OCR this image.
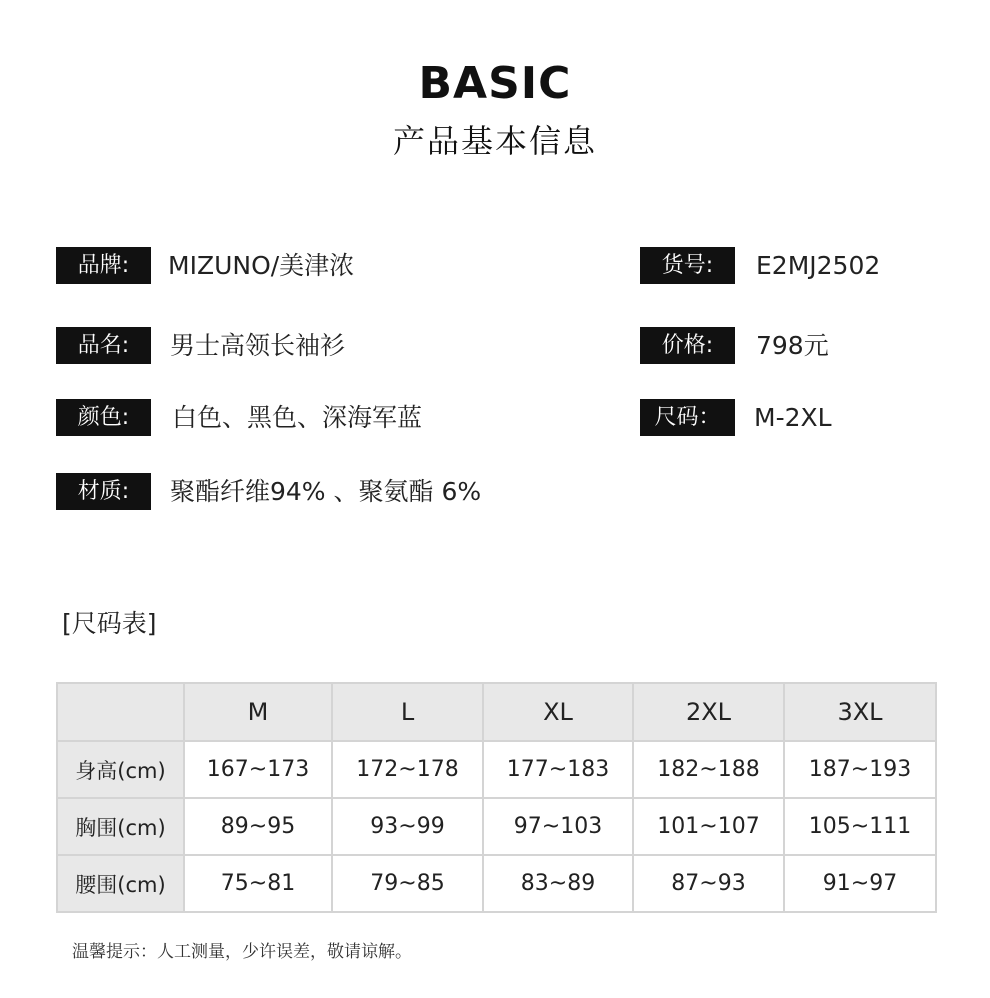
BASIC
产品基本信息
品牌:	MIZUNO/美津浓
品名:	男士高领长袖衫
颜色:	白色、黑色、深海军蓝
材质:	聚酯纤维94% 、聚氨酯 6%
货号:	E2MJ2502
价格:	798元
尺码：	M-2XL
[尺码表]
	M	L	XL	2XL	3XL
身高(cm)	167~173	172~178	177~183	182~188	187~193
胸围(cm)	89~95	93~99	97~103	101~107	105~111
腰围(cm)	75~81	79~85	83~89	87~93	91~97
温馨提示：人工测量，少许误差，敬请谅解。
